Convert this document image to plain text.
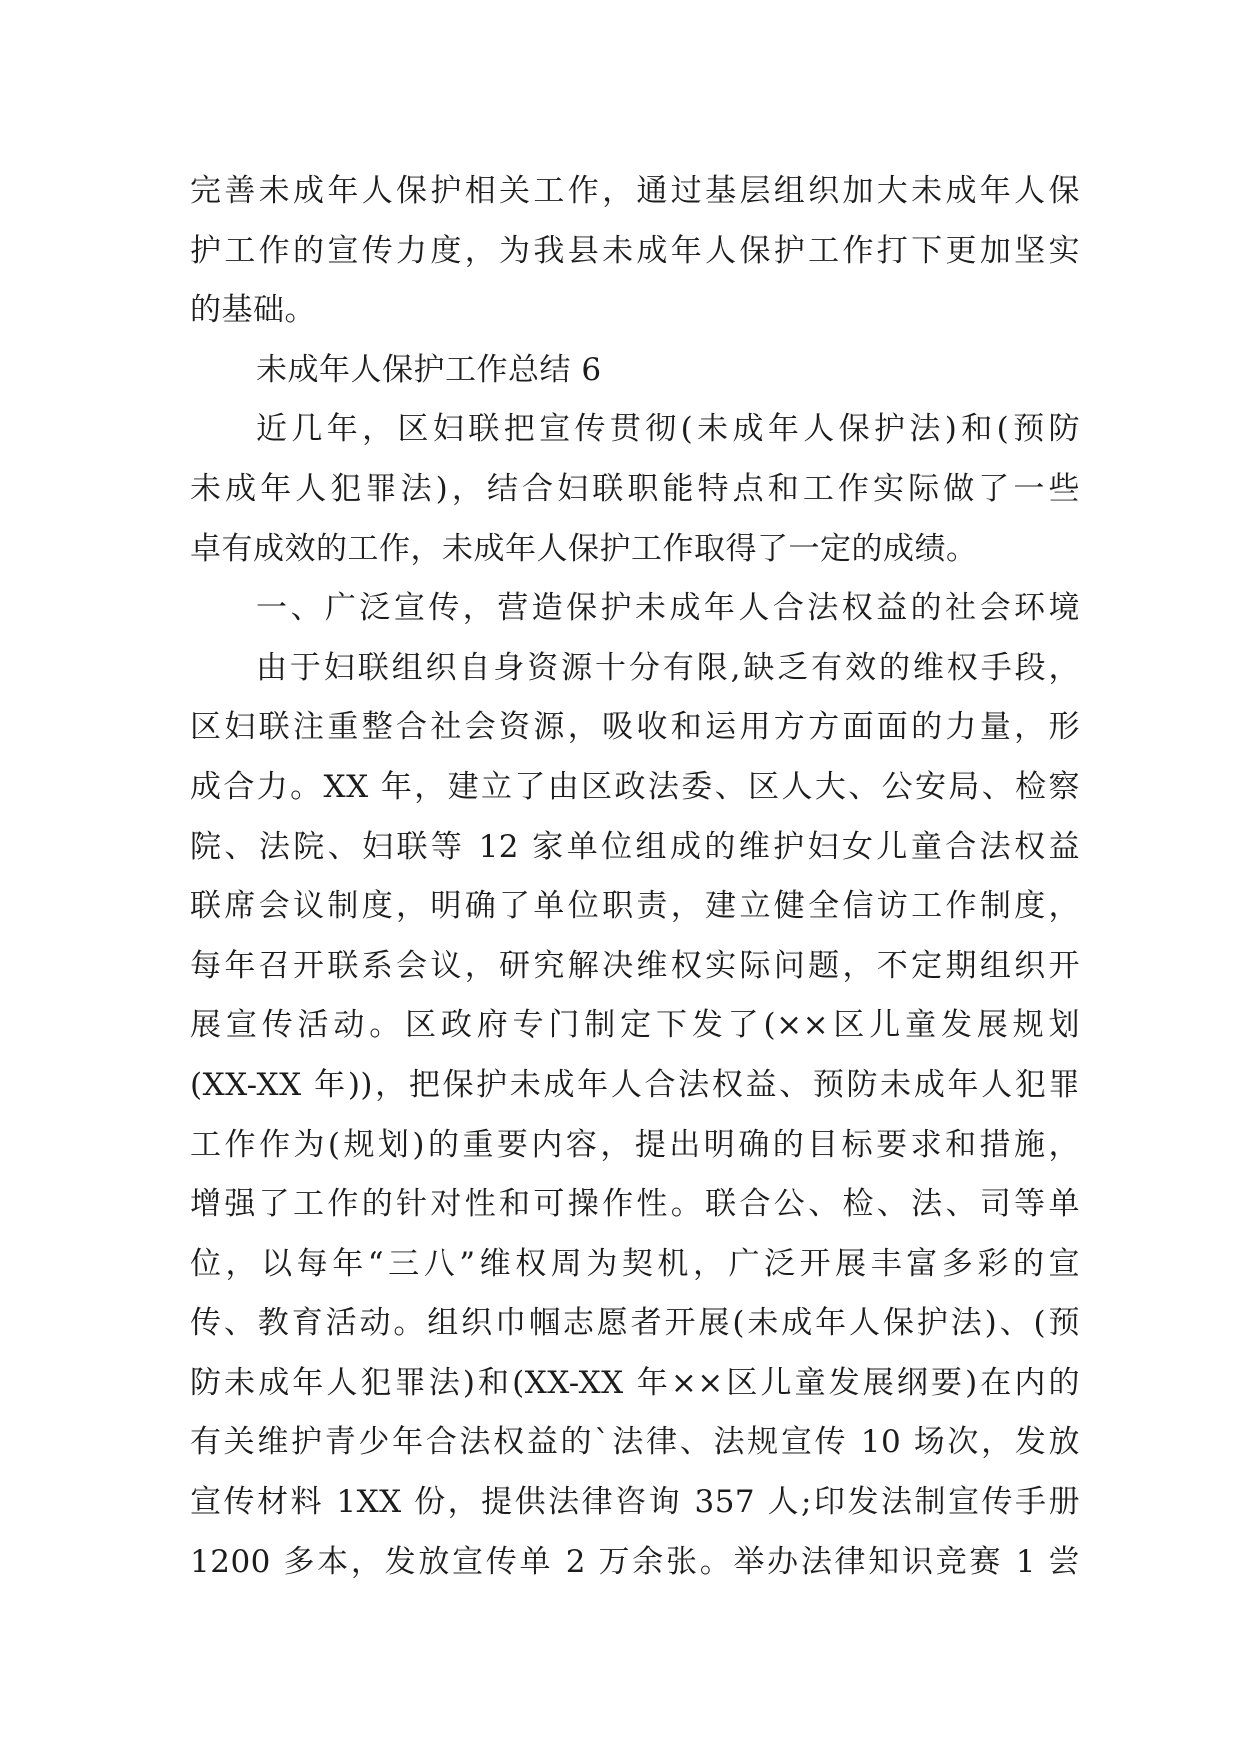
完善未成年人保护相关工作，通过基层组织加大未成年人保
护工作的宣传力度，为我县未成年人保护工作打下更加坚实
的基础。
未成年人保护工作总结 6
近几年，区妇联把宣传贯彻(未成年人保护法)和(预防
未成年人犯罪法)，结合妇联职能特点和工作实际做了一些
卓有成效的工作，未成年人保护工作取得了一定的成绩。
一、广泛宣传，营造保护未成年人合法权益的社会环境
由于妇联组织自身资源十分有限,缺乏有效的维权手段，
区妇联注重整合社会资源，吸收和运用方方面面的力量，形
成合力。XX 年，建立了由区政法委、区人大、公安局、检察
院、法院、妇联等 12 家单位组成的维护妇女儿童合法权益
联席会议制度，明确了单位职责，建立健全信访工作制度，
每年召开联系会议，研究解决维权实际问题，不定期组织开
展宣传活动。区政府专门制定下发了(××区儿童发展规划
(XX-XX 年))，把保护未成年人合法权益、预防未成年人犯罪
工作作为(规划)的重要内容，提出明确的目标要求和措施，
增强了工作的针对性和可操作性。联合公、检、法、司等单
位，以每年“三八”维权周为契机，广泛开展丰富多彩的宣
传、教育活动。组织巾帼志愿者开展(未成年人保护法)、(预
防未成年人犯罪法)和(XX-XX 年××区儿童发展纲要)在内的
有关维护青少年合法权益的`法律、法规宣传 10 场次，发放
宣传材料 1XX 份，提供法律咨询 357 人;印发法制宣传手册
1200 多本，发放宣传单 2 万余张。举办法律知识竞赛 1 尝
